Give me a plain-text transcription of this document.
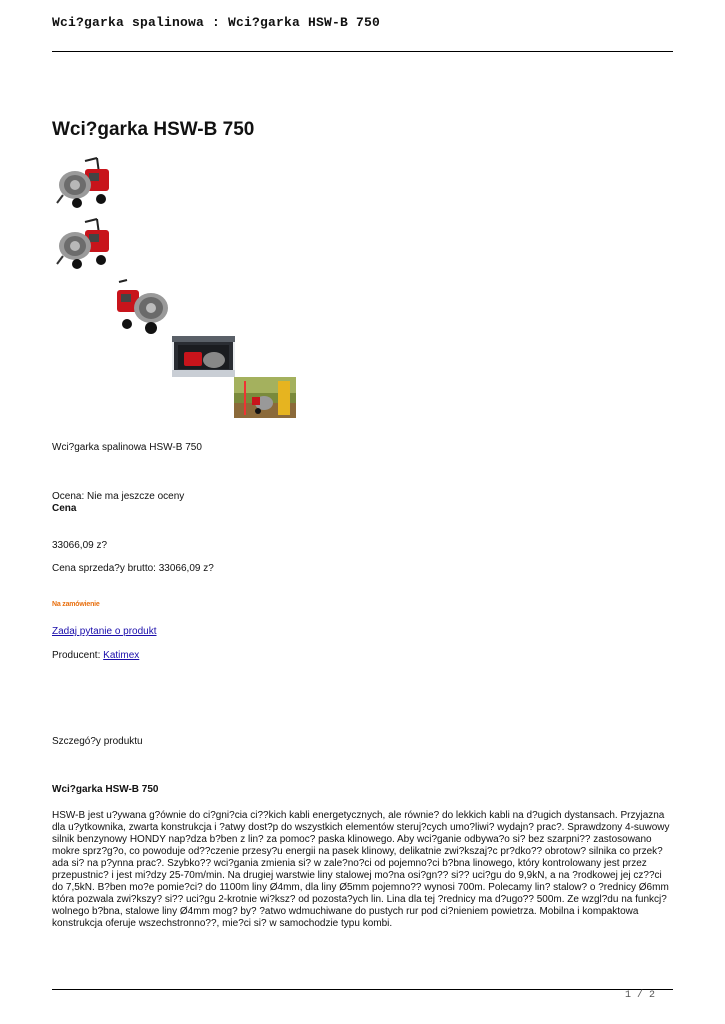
Wci?garka spalinowa : Wci?garka HSW-B 750
Wci?garka HSW-B 750
Wci?garka spalinowa HSW-B 750
Ocena: Nie ma jeszcze oceny
Cena
33066,09 z?
Cena sprzeda?y brutto: 33066,09 z?
Na zamówienie
Zadaj pytanie o produkt
Producent: Katimex
Szczegó?y produktu
Wci?garka HSW-B 750

HSW-B jest u?ywana g?ównie do ci?gni?cia ci??kich kabli energetycznych, ale równie? do lekkich kabli na d?ugich dystansach. Przyjazna dla u?ytkownika, zwarta konstrukcja i ?atwy dost?p do wszystkich elementów steruj?cych umo?liwi? wydajn? prac?. Sprawdzony 4-suwowy silnik benzynowy HONDY nap?dza b?ben z lin? za pomoc? paska klinowego. Aby wci?ganie odbywa?o si? bez szarpni?? zastosowano mokre sprz?g?o, co powoduje od??czenie przesy?u energii na pasek klinowy, delikatnie zwi?kszaj?c pr?dko?? obrotow? silnika co przek?ada si? na p?ynna prac?. Szybko?? wci?gania zmienia si? w zale?no?ci od pojemno?ci b?bna linowego, który kontrolowany jest przez przepustnic? i jest mi?dzy 25-70m/min. Na drugiej warstwie liny stalowej mo?na osi?gn?? si?? uci?gu do 9,9kN, a na ?rodkowej jej cz??ci do 7,5kN. B?ben mo?e pomie?ci? do 1100m liny Ø4mm, dla liny Ø5mm pojemno?? wynosi 700m. Polecamy lin? stalow? o ?rednicy Ø6mm która pozwala zwi?kszy? si?? uci?gu 2-krotnie wi?ksz? od pozosta?ych lin. Lina dla tej ?rednicy ma d?ugo?? 500m. Ze wzgl?du na funkcj? wolnego b?bna, stalowe liny Ø4mm mog? by? ?atwo wdmuchiwane do pustych rur pod ci?nieniem powietrza. Mobilna i kompaktowa konstrukcja oferuje wszechstronno??, mie?ci si? w samochodzie typu kombi.

1 / 2
